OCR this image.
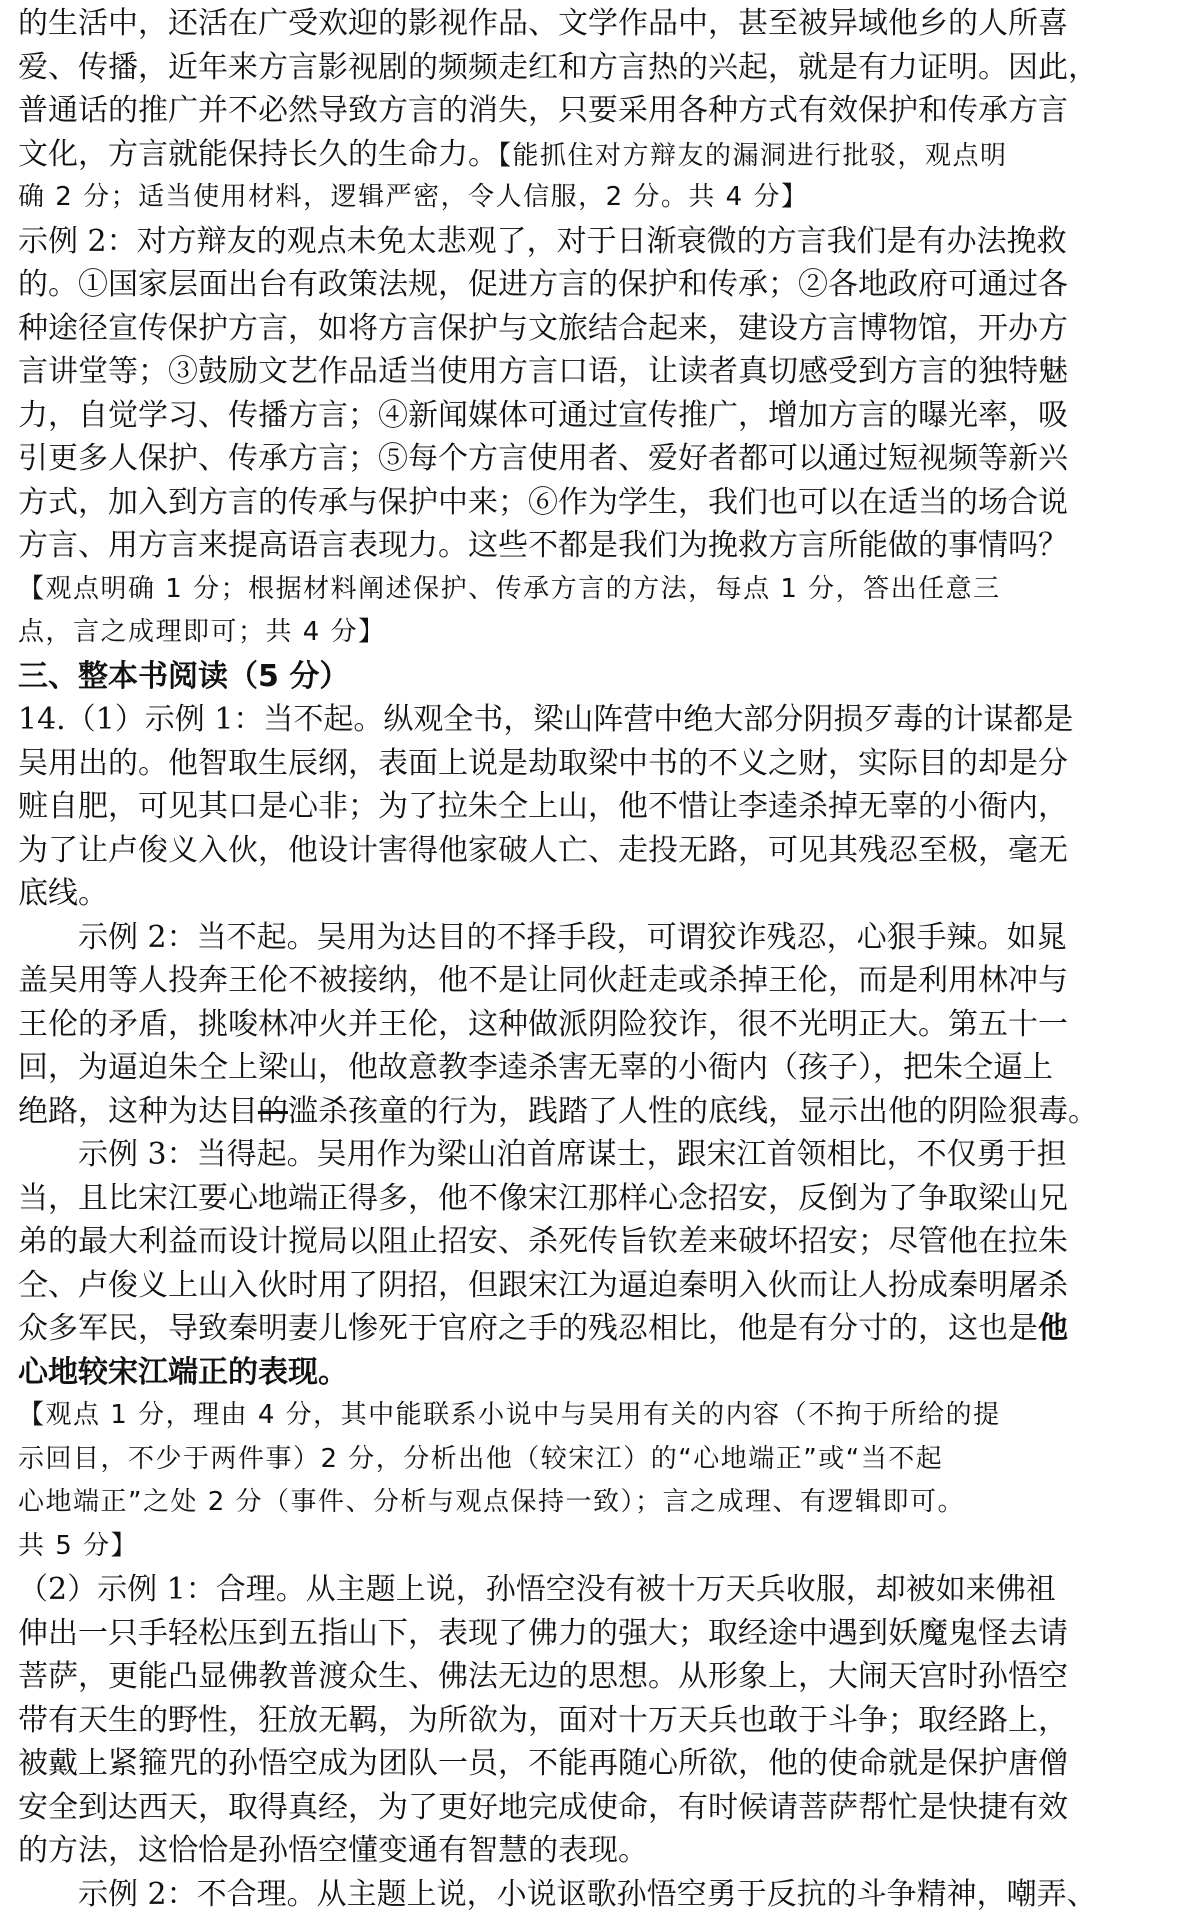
的生活中，还活在广受欢迎的影视作品、文学作品中，甚至被异域他乡的人所喜
爱、传播，近年来方言影视剧的频频走红和方言热的兴起，就是有力证明。因此，
普通话的推广并不必然导致方言的消失，只要采用各种方式有效保护和传承方言
文化，方言就能保持长久的生命力。【能抓住对方辩友的漏洞进行批驳，观点明
确 2 分；适当使用材料，逻辑严密，令人信服，2 分。共 4 分】
示例 2：对方辩友的观点未免太悲观了，对于日渐衰微的方言我们是有办法挽救
的。①国家层面出台有政策法规，促进方言的保护和传承；②各地政府可通过各
种途径宣传保护方言，如将方言保护与文旅结合起来，建设方言博物馆，开办方
言讲堂等；③鼓励文艺作品适当使用方言口语，让读者真切感受到方言的独特魅
力，自觉学习、传播方言；④新闻媒体可通过宣传推广，增加方言的曝光率，吸
引更多人保护、传承方言；⑤每个方言使用者、爱好者都可以通过短视频等新兴
方式，加入到方言的传承与保护中来；⑥作为学生，我们也可以在适当的场合说
方言、用方言来提高语言表现力。这些不都是我们为挽救方言所能做的事情吗？
【观点明确 1 分；根据材料阐述保护、传承方言的方法，每点 1 分，答出任意三
点，言之成理即可；共 4 分】
三、整本书阅读（5 分）
14.（1）示例 1：当不起。纵观全书，梁山阵营中绝大部分阴损歹毒的计谋都是
吴用出的。他智取生辰纲，表面上说是劫取梁中书的不义之财，实际目的却是分
赃自肥，可见其口是心非；为了拉朱仝上山，他不惜让李逵杀掉无辜的小衙内，
为了让卢俊义入伙，他设计害得他家破人亡、走投无路，可见其残忍至极，毫无
底线。
示例 2：当不起。吴用为达目的不择手段，可谓狡诈残忍，心狠手辣。如晁
盖吴用等人投奔王伦不被接纳，他不是让同伙赶走或杀掉王伦，而是利用林冲与
王伦的矛盾，挑唆林冲火并王伦，这种做派阴险狡诈，很不光明正大。第五十一
回，为逼迫朱仝上梁山，他故意教李逵杀害无辜的小衙内（孩子），把朱仝逼上
绝路，这种为达目的滥杀孩童的行为，践踏了人性的底线，显示出他的阴险狠毒。
示例 3：当得起。吴用作为梁山泊首席谋士，跟宋江首领相比，不仅勇于担
当，且比宋江要心地端正得多，他不像宋江那样心念招安，反倒为了争取梁山兄
弟的最大利益而设计搅局以阻止招安、杀死传旨钦差来破坏招安；尽管他在拉朱
仝、卢俊义上山入伙时用了阴招，但跟宋江为逼迫秦明入伙而让人扮成秦明屠杀
众多军民，导致秦明妻儿惨死于官府之手的残忍相比，他是有分寸的，这也是他
心地较宋江端正的表现。
【观点 1 分，理由 4 分，其中能联系小说中与吴用有关的内容（不拘于所给的提
示回目，不少于两件事）2 分，分析出他（较宋江）的“心地端正”或“当不起
心地端正”之处 2 分（事件、分析与观点保持一致）；言之成理、有逻辑即可。
共 5 分】
（2）示例 1：合理。从主题上说，孙悟空没有被十万天兵收服，却被如来佛祖
伸出一只手轻松压到五指山下，表现了佛力的强大；取经途中遇到妖魔鬼怪去请
菩萨，更能凸显佛教普渡众生、佛法无边的思想。从形象上，大闹天宫时孙悟空
带有天生的野性，狂放无羁，为所欲为，面对十万天兵也敢于斗争；取经路上，
被戴上紧箍咒的孙悟空成为团队一员，不能再随心所欲，他的使命就是保护唐僧
安全到达西天，取得真经，为了更好地完成使命，有时候请菩萨帮忙是快捷有效
的方法，这恰恰是孙悟空懂变通有智慧的表现。
示例 2：不合理。从主题上说，小说讴歌孙悟空勇于反抗的斗争精神，嘲弄、
